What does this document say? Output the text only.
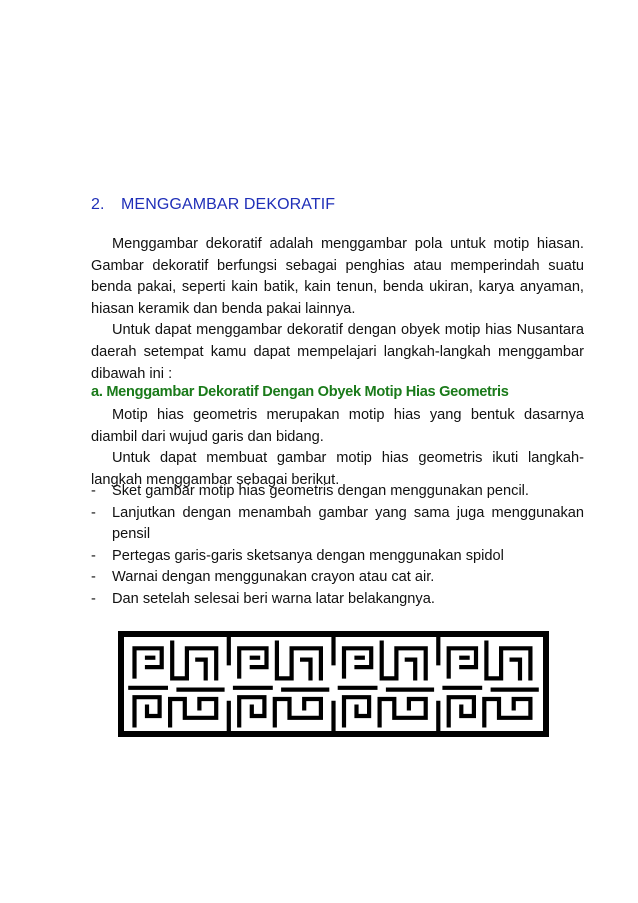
2. MENGGAMBAR DEKORATIF

Menggambar dekoratif adalah menggambar pola untuk motip hiasan. Gambar dekoratif berfungsi sebagai penghias atau memperindah suatu benda pakai, seperti kain batik, kain tenun, benda ukiran, karya anyaman, hiasan keramik dan benda pakai lainnya.

Untuk dapat menggambar dekoratif dengan obyek motip hias Nusantara daerah setempat kamu dapat mempelajari langkah-langkah menggambar dibawah ini :

a. Menggambar Dekoratif Dengan Obyek Motip Hias Geometris

Motip hias geometris merupakan motip hias yang bentuk dasarnya diambil dari wujud garis dan bidang.

Untuk dapat membuat gambar motip hias geometris ikuti langkah-langkah menggambar sebagai berikut.

- Sket gambar motip hias geometris dengan menggunakan pencil.
- Lanjutkan dengan menambah gambar yang sama juga menggunakan pensil
- Pertegas garis-garis sketsanya dengan menggunakan spidol
- Warnai dengan menggunakan crayon atau cat air.
- Dan setelah selesai beri warna latar belakangnya.
